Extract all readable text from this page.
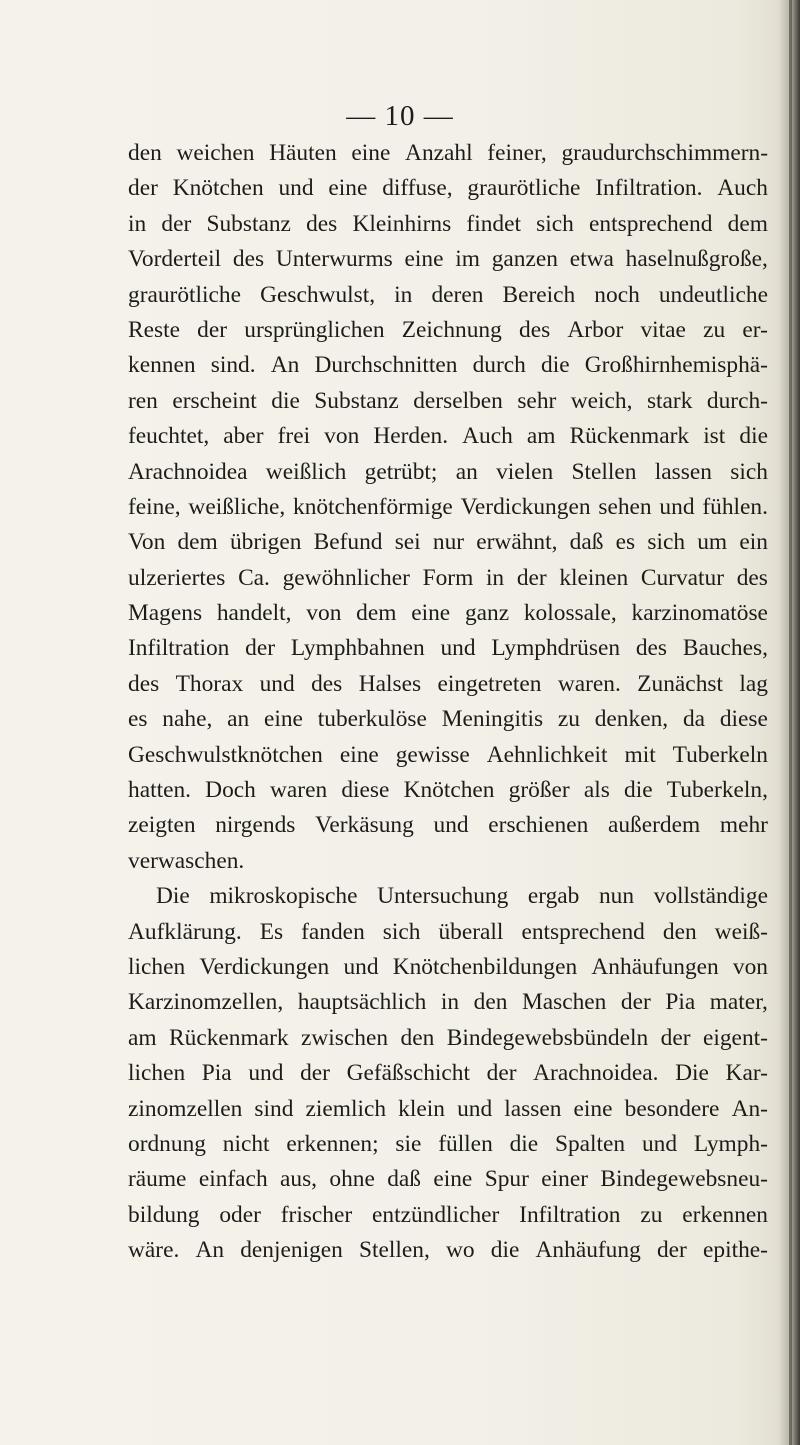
— 10 —
den weichen Häuten eine Anzahl feiner, graudurchschimmern-
der Knötchen und eine diffuse, graurötliche Infiltration. Auch
in der Substanz des Kleinhirns findet sich entsprechend dem
Vorderteil des Unterwurms eine im ganzen etwa haselnußgroße,
graurötliche Geschwulst, in deren Bereich noch undeutliche
Reste der ursprünglichen Zeichnung des Arbor vitae zu er-
kennen sind. An Durchschnitten durch die Großhirnhemisphä-
ren erscheint die Substanz derselben sehr weich, stark durch-
feuchtet, aber frei von Herden. Auch am Rückenmark ist die
Arachnoidea weißlich getrübt; an vielen Stellen lassen sich
feine, weißliche, knötchenförmige Verdickungen sehen und fühlen.
Von dem übrigen Befund sei nur erwähnt, daß es sich um ein
ulzeriertes Ca. gewöhnlicher Form in der kleinen Curvatur des
Magens handelt, von dem eine ganz kolossale, karzinomatöse
Infiltration der Lymphbahnen und Lymphdrüsen des Bauches,
des Thorax und des Halses eingetreten waren. Zunächst lag
es nahe, an eine tuberkulöse Meningitis zu denken, da diese
Geschwulstknötchen eine gewisse Aehnlichkeit mit Tuberkeln
hatten. Doch waren diese Knötchen größer als die Tuberkeln,
zeigten nirgends Verkäsung und erschienen außerdem mehr
verwaschen.
Die mikroskopische Untersuchung ergab nun vollständige
Aufklärung. Es fanden sich überall entsprechend den weiß-
lichen Verdickungen und Knötchenbildungen Anhäufungen von
Karzinomzellen, hauptsächlich in den Maschen der Pia mater,
am Rückenmark zwischen den Bindegewebsbündeln der eigent-
lichen Pia und der Gefäßschicht der Arachnoidea. Die Kar-
zinomzellen sind ziemlich klein und lassen eine besondere An-
ordnung nicht erkennen; sie füllen die Spalten und Lymph-
räume einfach aus, ohne daß eine Spur einer Bindegewebsneu-
bildung oder frischer entzündlicher Infiltration zu erkennen
wäre. An denjenigen Stellen, wo die Anhäufung der epithe-
